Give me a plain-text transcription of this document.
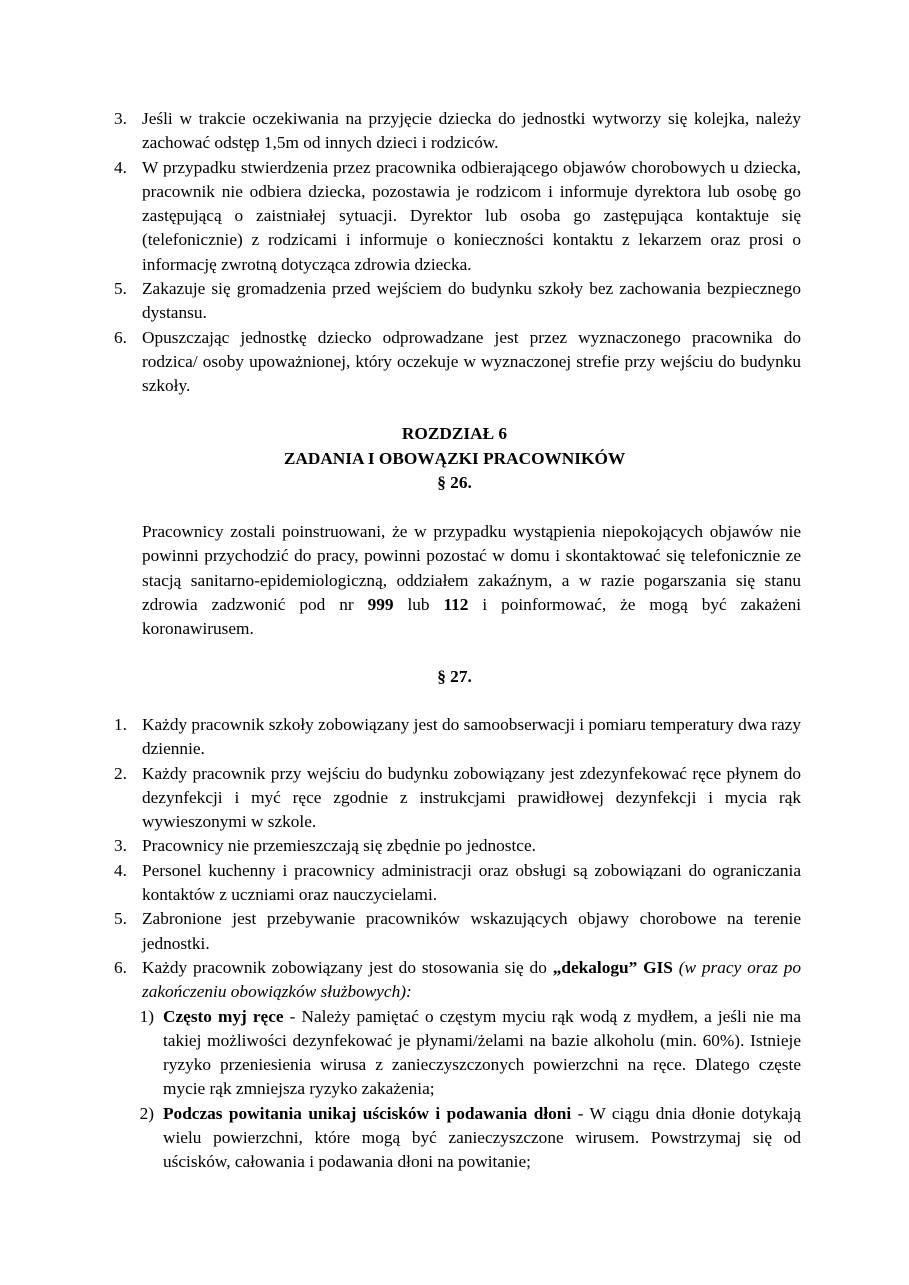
3. Jeśli w trakcie oczekiwania na przyjęcie dziecka do jednostki wytworzy się kolejka, należy zachować odstęp 1,5m od innych dzieci i rodziców.
4. W przypadku stwierdzenia przez pracownika odbierającego objawów chorobowych u dziecka, pracownik nie odbiera dziecka, pozostawia je rodzicom i informuje dyrektora lub osobę go zastępującą o zaistniałej sytuacji. Dyrektor lub osoba go zastępująca kontaktuje się (telefonicznie) z rodzicami i informuje o konieczności kontaktu z lekarzem oraz prosi o informację zwrotną dotycząca zdrowia dziecka.
5. Zakazuje się gromadzenia przed wejściem do budynku szkoły bez zachowania bezpiecznego dystansu.
6. Opuszczając jednostkę dziecko odprowadzane jest przez wyznaczonego pracownika do rodzica/ osoby upoważnionej, który oczekuje w wyznaczonej strefie przy wejściu do budynku szkoły.
ROZDZIAŁ 6
ZADANIA I OBOWĄZKI PRACOWNIKÓW
§ 26.

Pracownicy zostali poinstruowani, że w przypadku wystąpienia niepokojących objawów nie powinni przychodzić do pracy, powinni pozostać w domu i skontaktować się telefonicznie ze stacją sanitarno-epidemiologiczną, oddziałem zakaźnym, a w razie pogarszania się stanu zdrowia zadzwonić pod nr 999 lub 112 i poinformować, że mogą być zakażeni koronawirusem.

§ 27.
1. Każdy pracownik szkoły zobowiązany jest do samoobserwacji i pomiaru temperatury dwa razy dziennie.
2. Każdy pracownik przy wejściu do budynku zobowiązany jest zdezynfekować ręce płynem do dezynfekcji i myć ręce zgodnie z instrukcjami prawidłowej dezynfekcji i mycia rąk wywieszonymi w szkole.
3. Pracownicy nie przemieszczają się zbędnie po jednostce.
4. Personel kuchenny i pracownicy administracji oraz obsługi są zobowiązani do ograniczania kontaktów z uczniami oraz nauczycielami.
5. Zabronione jest przebywanie pracowników wskazujących objawy chorobowe na terenie jednostki.
6. Każdy pracownik zobowiązany jest do stosowania się do „dekalogu” GIS (w pracy oraz po zakończeniu obowiązków służbowych):
1) Często myj ręce - Należy pamiętać o częstym myciu rąk wodą z mydłem, a jeśli nie ma takiej możliwości dezynfekować je płynami/żelami na bazie alkoholu (min. 60%). Istnieje ryzyko przeniesienia wirusa z zanieczyszczonych powierzchni na ręce. Dlatego częste mycie rąk zmniejsza ryzyko zakażenia;
2) Podczas powitania unikaj uścisków i podawania dłoni - W ciągu dnia dłonie dotykają wielu powierzchni, które mogą być zanieczyszczone wirusem. Powstrzymaj się od uścisków, całowania i podawania dłoni na powitanie;
